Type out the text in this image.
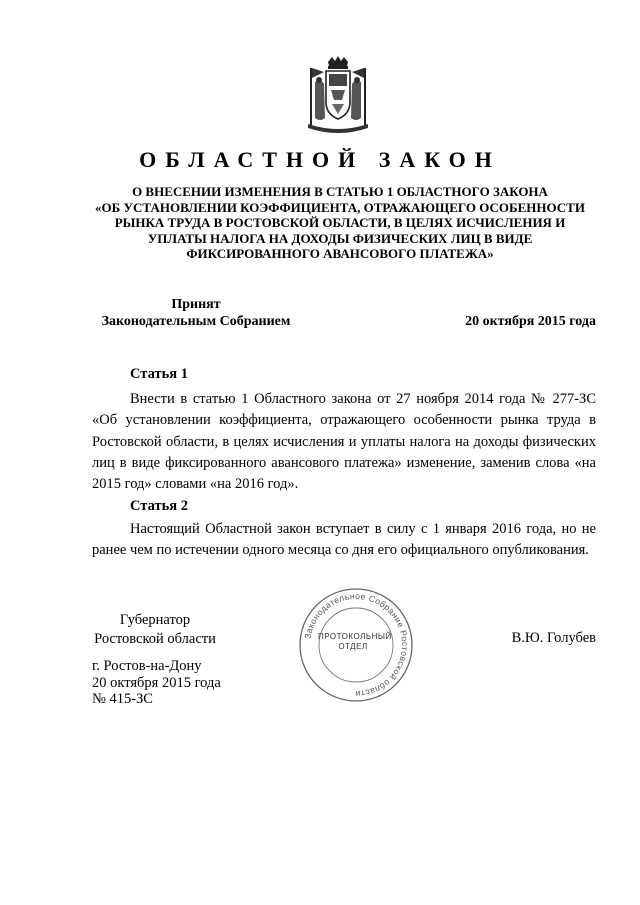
ОБЛАСТНОЙ ЗАКОН
О ВНЕСЕНИИ ИЗМЕНЕНИЯ В СТАТЬЮ 1 ОБЛАСТНОГО ЗАКОНА
«ОБ УСТАНОВЛЕНИИ КОЭФФИЦИЕНТА, ОТРАЖАЮЩЕГО ОСОБЕННОСТИ
РЫНКА ТРУДА В РОСТОВСКОЙ ОБЛАСТИ, В ЦЕЛЯХ ИСЧИСЛЕНИЯ И
УПЛАТЫ НАЛОГА НА ДОХОДЫ ФИЗИЧЕСКИХ ЛИЦ В ВИДЕ
ФИКСИРОВАННОГО АВАНСОВОГО ПЛАТЕЖА»
Принят
Законодательным Собранием	20 октября 2015 года
Статья 1
Внести в статью 1 Областного закона от 27 ноября 2014 года № 277-ЗС «Об установлении коэффициента, отражающего особенности рынка труда в Ростовской области, в целях исчисления и уплаты налога на доходы физических лиц в виде фиксированного авансового платежа» изменение, заменив слова «на 2015 год» словами «на 2016 год».
Статья 2
Настоящий Областной закон вступает в силу с 1 января 2016 года, но не ранее чем по истечении одного месяца со дня его официального опубликования.
Губернатор
Ростовской области	В.Ю. Голубев
г. Ростов-на-Дону
20 октября 2015 года
№ 415-ЗС
Законодательное Собрание Ростовской области
ПРОТОКОЛЬНЫЙ
ОТДЕЛ
